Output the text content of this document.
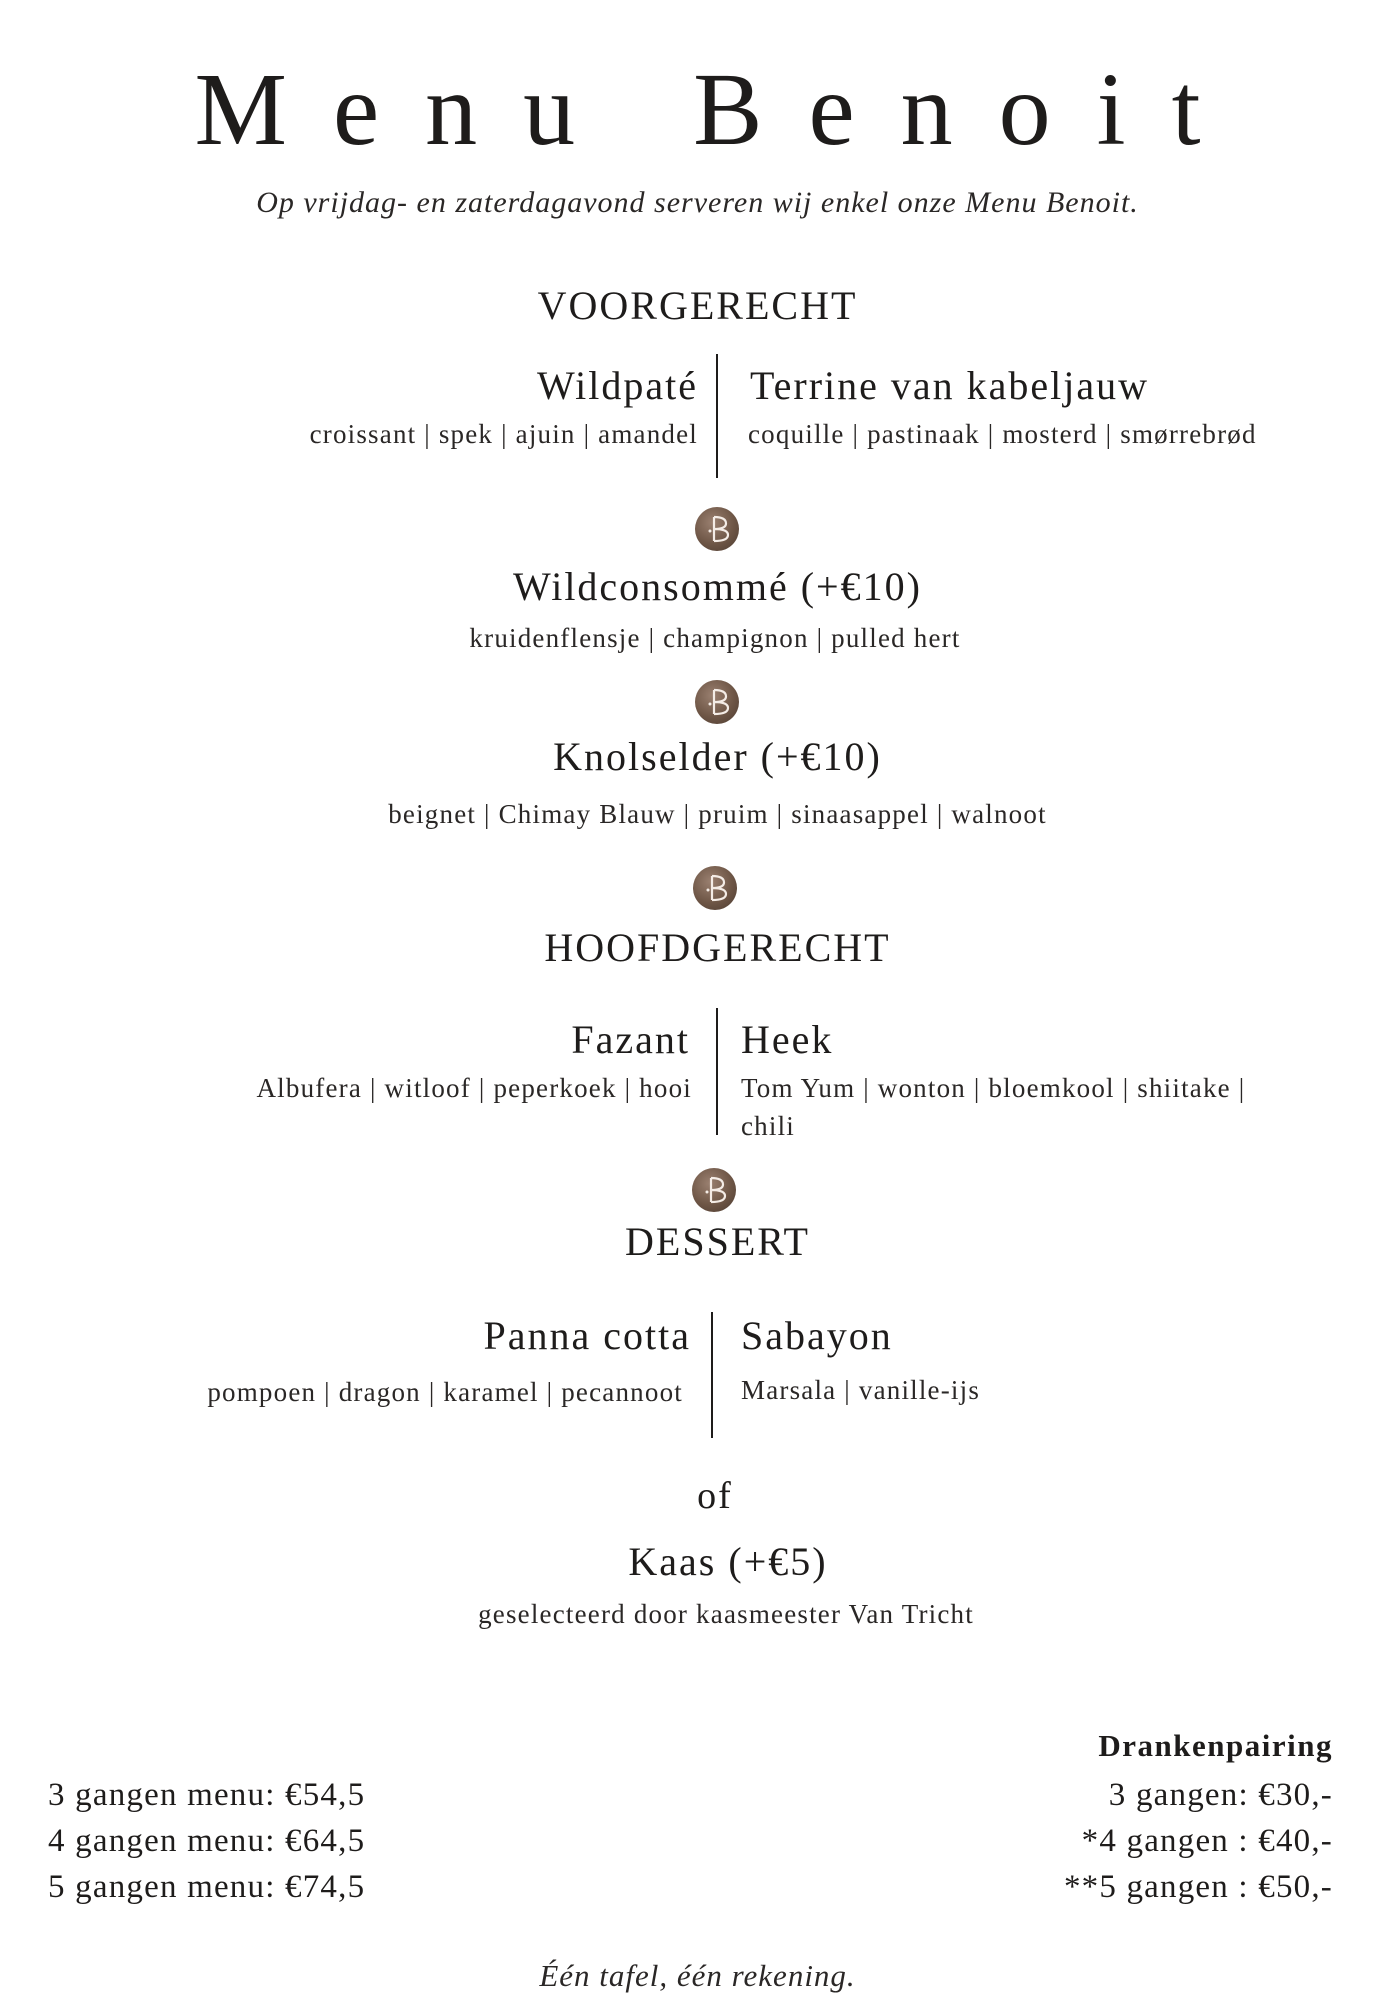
Menu Benoit
Op vrijdag- en zaterdagavond serveren wij enkel onze Menu Benoit.
VOORGERECHT
Wildpaté
croissant | spek | ajuin | amandel
Terrine van kabeljauw
coquille | pastinaak | mosterd | smørrebrød
Wildconsommé (+€10)
kruidenflensje | champignon | pulled hert
Knolselder (+€10)
beignet | Chimay Blauw | pruim | sinaasappel | walnoot
HOOFDGERECHT
Fazant
Albufera | witloof | peperkoek | hooi
Heek
Tom Yum | wonton | bloemkool | shiitake |
chili
DESSERT
Panna cotta
pompoen | dragon | karamel | pecannoot
Sabayon
Marsala | vanille-ijs
of
Kaas (+€5)
geselecteerd door kaasmeester Van Tricht
3 gangen menu: €54,5
4 gangen menu: €64,5
5 gangen menu: €74,5
Drankenpairing
3 gangen: €30,-
*4 gangen : €40,-
**5 gangen : €50,-
Één tafel, één rekening.
